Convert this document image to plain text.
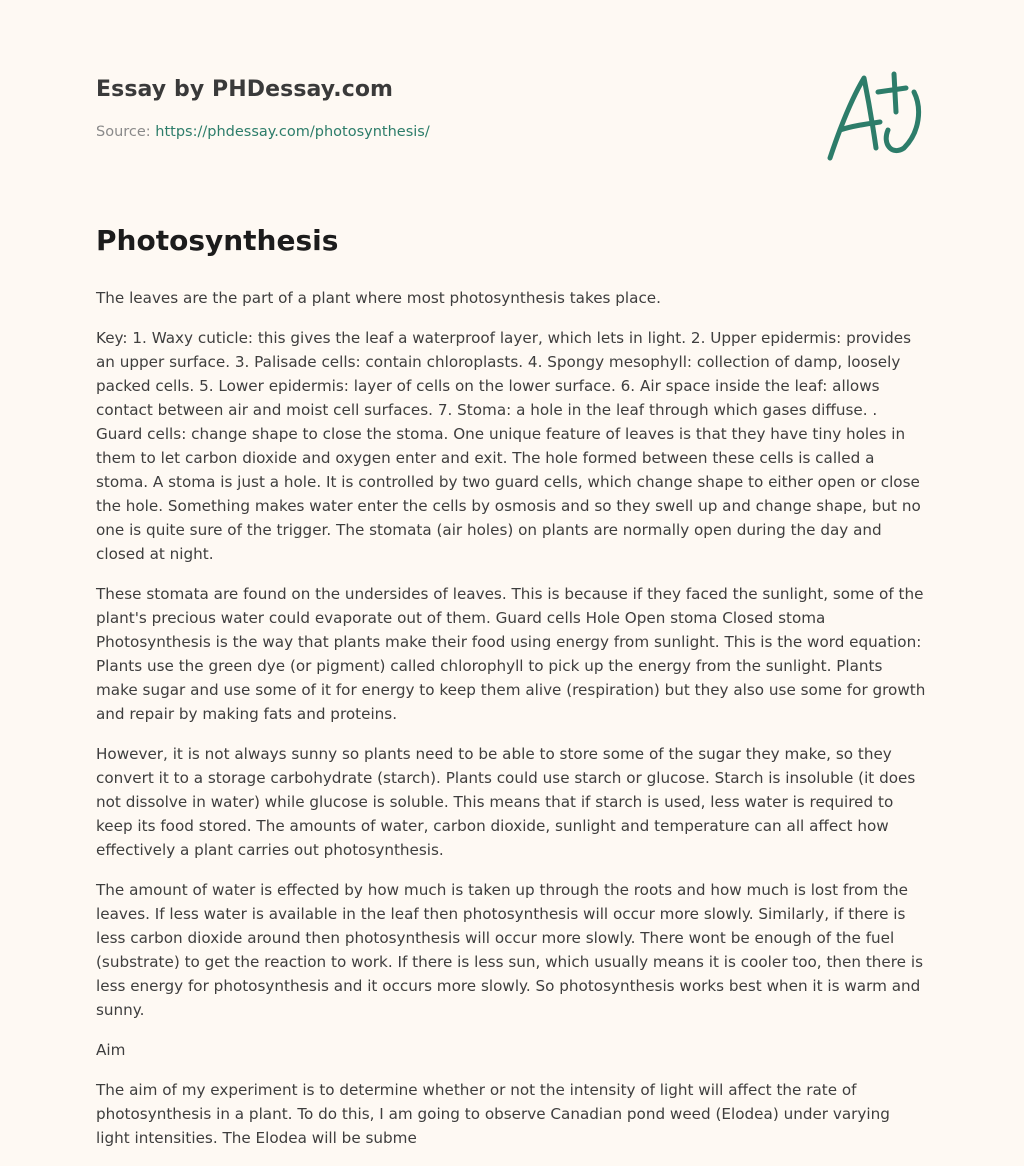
Essay by PHDessay.com
Source: https://phdessay.com/photosynthesis/
Photosynthesis

The leaves are the part of a plant where most photosynthesis takes place.

Key: 1. Waxy cuticle: this gives the leaf a waterproof layer, which lets in light. 2. Upper epidermis: provides an upper surface. 3. Palisade cells: contain chloroplasts. 4. Spongy mesophyll: collection of damp, loosely packed cells. 5. Lower epidermis: layer of cells on the lower surface. 6. Air space inside the leaf: allows contact between air and moist cell surfaces. 7. Stoma: a hole in the leaf through which gases diffuse. . Guard cells: change shape to close the stoma. One unique feature of leaves is that they have tiny holes in them to let carbon dioxide and oxygen enter and exit. The hole formed between these cells is called a stoma. A stoma is just a hole. It is controlled by two guard cells, which change shape to either open or close the hole. Something makes water enter the cells by osmosis and so they swell up and change shape, but no one is quite sure of the trigger. The stomata (air holes) on plants are normally open during the day and closed at night.

These stomata are found on the undersides of leaves. This is because if they faced the sunlight, some of the plant's precious water could evaporate out of them. Guard cells Hole Open stoma Closed stoma Photosynthesis is the way that plants make their food using energy from sunlight. This is the word equation: Plants use the green dye (or pigment) called chlorophyll to pick up the energy from the sunlight. Plants make sugar and use some of it for energy to keep them alive (respiration) but they also use some for growth and repair by making fats and proteins.

However, it is not always sunny so plants need to be able to store some of the sugar they make, so they convert it to a storage carbohydrate (starch). Plants could use starch or glucose. Starch is insoluble (it does not dissolve in water) while glucose is soluble. This means that if starch is used, less water is required to keep its food stored. The amounts of water, carbon dioxide, sunlight and temperature can all affect how effectively a plant carries out photosynthesis.

The amount of water is effected by how much is taken up through the roots and how much is lost from the leaves. If less water is available in the leaf then photosynthesis will occur more slowly. Similarly, if there is less carbon dioxide around then photosynthesis will occur more slowly. There wont be enough of the fuel (substrate) to get the reaction to work. If there is less sun, which usually means it is cooler too, then there is less energy for photosynthesis and it occurs more slowly. So photosynthesis works best when it is warm and sunny.

Aim

The aim of my experiment is to determine whether or not the intensity of light will affect the rate of photosynthesis in a plant. To do this, I am going to observe Canadian pond weed (Elodea) under varying light intensities. The Elodea will be subme
